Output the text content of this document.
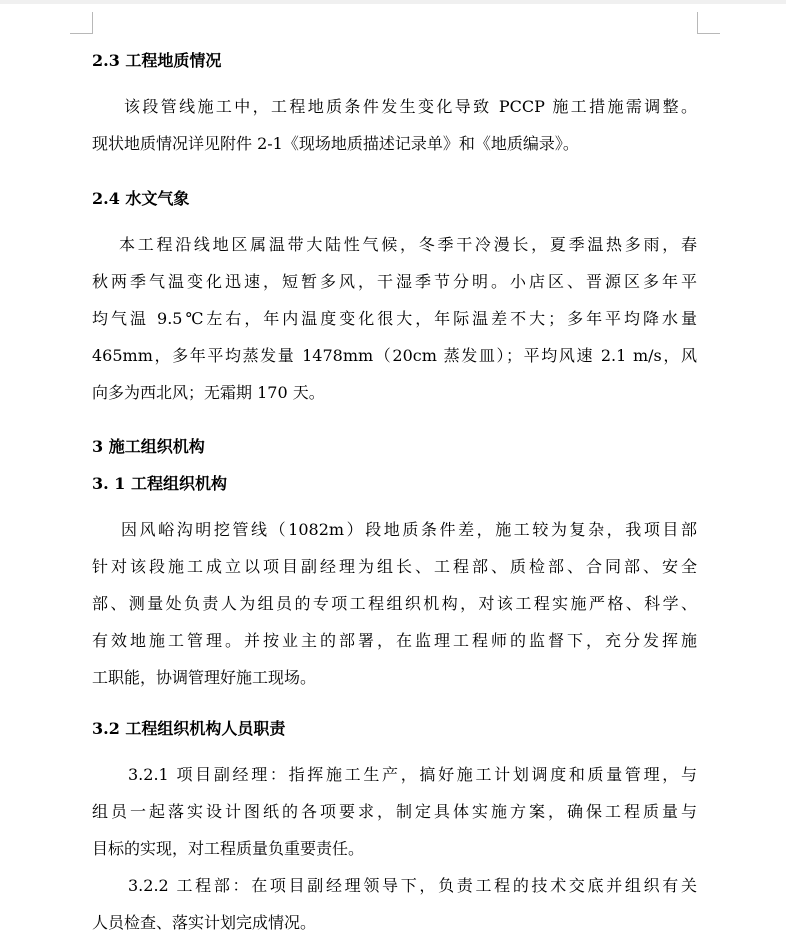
2.3 工程地质情况
该段管线施工中，工程地质条件发生变化导致 PCCP 施工措施需调整。
现状地质情况详见附件 2-1《现场地质描述记录单》和《地质编录》。
2.4 水文气象
本工程沿线地区属温带大陆性气候，冬季干冷漫长，夏季温热多雨，春
秋两季气温变化迅速，短暂多风，干湿季节分明。小店区、晋源区多年平
均气温 9.5℃左右，年内温度变化很大，年际温差不大；多年平均降水量
465mm，多年平均蒸发量 1478mm（20cm 蒸发皿）；平均风速 2.1 m/s，风
向多为西北风；无霜期 170 天。
3 施工组织机构
3. 1 工程组织机构
因风峪沟明挖管线（1082m）段地质条件差，施工较为复杂，我项目部
针对该段施工成立以项目副经理为组长、工程部、质检部、合同部、安全
部、测量处负责人为组员的专项工程组织机构，对该工程实施严格、科学、
有效地施工管理。并按业主的部署，在监理工程师的监督下，充分发挥施
工职能，协调管理好施工现场。
3.2 工程组织机构人员职责
3.2.1 项目副经理：指挥施工生产，搞好施工计划调度和质量管理，与
组员一起落实设计图纸的各项要求，制定具体实施方案，确保工程质量与
目标的实现，对工程质量负重要责任。
3.2.2 工程部：在项目副经理领导下，负责工程的技术交底并组织有关
人员检查、落实计划完成情况。
